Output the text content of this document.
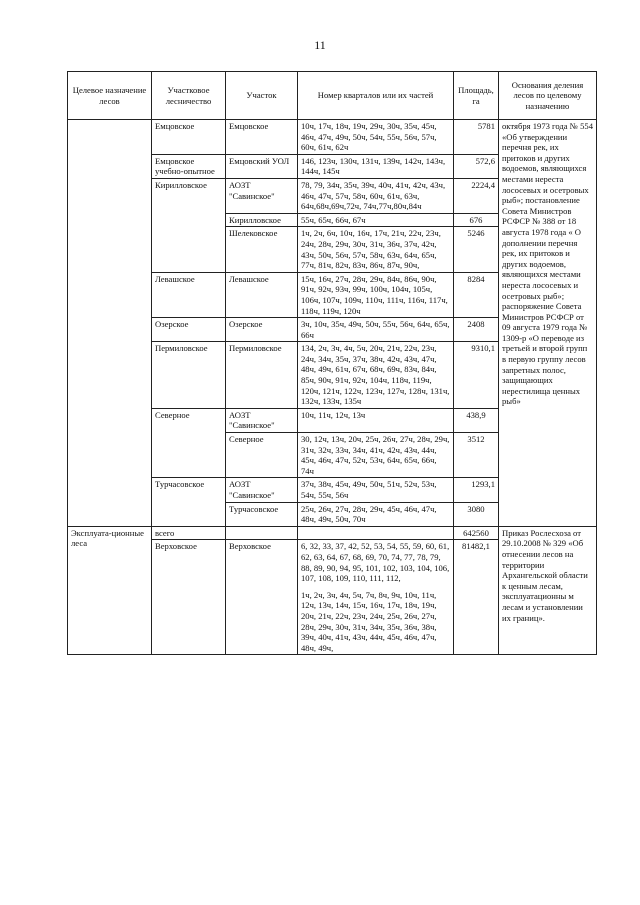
11
Целевое назначение лесов	Участковое лесничество	Участок	Номер кварталов или их частей	Площадь, га	Основания деления лесов по целевому назначению
	Емцовское	Емцовское	10ч, 17ч, 18ч, 19ч, 29ч, 30ч, 35ч, 45ч, 46ч, 47ч, 49ч, 50ч, 54ч, 55ч, 56ч, 57ч, 60ч, 61ч, 62ч	5781	октября 1973 года № 554 «Об утверждении перечня рек, их притоков и других водоемов, являющихся местами нереста лососевых и осетровых рыб»; постановление Совета Министров РСФСР № 388 от 18 августа 1978 года « О дополнении перечня рек, их притоков и других водоемов, являющихся местами нереста лососевых и осетровых рыб»; распоряжение Совета Министров РСФСР от 09 августа 1979 года № 1309-р «О переводе из третьей и второй групп в первую группу лесов запретных полос, защищающих нерестилища ценных рыб»
	Емцовское учебно-опытное	Емцовский УОЛ	146, 123ч, 130ч, 131ч, 139ч, 142ч, 143ч, 144ч, 145ч	572,6	
	Кирилловское	АОЗТ "Савинское"	78, 79, 34ч, 35ч, 39ч, 40ч, 41ч, 42ч, 43ч, 46ч, 47ч, 57ч, 58ч, 60ч, 61ч, 63ч, 64ч,68ч,69ч,72ч, 74ч,77ч,80ч,84ч	2224,4	
		Кирилловское	55ч, 65ч, 66ч, 67ч	676	
		Шелековское	1ч, 2ч, 6ч, 10ч, 16ч, 17ч, 21ч, 22ч, 23ч, 24ч, 28ч, 29ч, 30ч, 31ч, 36ч, 37ч, 42ч, 43ч, 50ч, 56ч, 57ч, 58ч, 63ч, 64ч, 65ч, 77ч, 81ч, 82ч, 83ч, 86ч, 87ч, 90ч,	5246	
	Левашское	Левашское	15ч, 16ч, 27ч, 28ч, 29ч, 84ч, 86ч, 90ч, 91ч, 92ч, 93ч, 99ч, 100ч, 104ч, 105ч, 106ч, 107ч, 109ч, 110ч, 111ч, 116ч, 117ч, 118ч, 119ч, 120ч	8284	
	Озерское	Озерское	3ч, 10ч, 35ч, 49ч, 50ч, 55ч, 56ч, 64ч, 65ч, 66ч	2408	
	Пермиловское	Пермиловское	134, 2ч, 3ч, 4ч, 5ч, 20ч, 21ч, 22ч, 23ч, 24ч, 34ч, 35ч, 37ч, 38ч, 42ч, 43ч, 47ч, 48ч, 49ч, 61ч, 67ч, 68ч, 69ч, 83ч, 84ч, 85ч, 90ч, 91ч, 92ч, 104ч, 118ч, 119ч, 120ч, 121ч, 122ч, 123ч, 127ч, 128ч, 131ч, 132ч, 133ч, 135ч	9310,1	
	Северное	АОЗТ "Савинское"	10ч, 11ч, 12ч, 13ч	438,9	
		Северное	30, 12ч, 13ч, 20ч, 25ч, 26ч, 27ч, 28ч, 29ч, 31ч, 32ч, 33ч, 34ч, 41ч, 42ч, 43ч, 44ч, 45ч, 46ч, 47ч, 52ч, 53ч, 64ч, 65ч, 66ч, 74ч	3512	
	Турчасовское	АОЗТ "Савинское"	37ч, 38ч, 45ч, 49ч, 50ч, 51ч, 52ч, 53ч, 54ч, 55ч, 56ч	1293,1	
		Турчасовское	25ч, 26ч, 27ч, 28ч, 29ч, 45ч, 46ч, 47ч, 48ч, 49ч, 50ч, 70ч	3080	
Эксплуата-ционные леса	всего			642560	Приказ Рослесхоза от 29.10.2008 № 329 «Об отнесении лесов на территории Архангельской области к ценным лесам, эксплуатационны м лесам и установлении их границ».
	Верховское	Верховское	6, 32, 33, 37, 42, 52, 53, 54, 55, 59, 60, 61, 62, 63, 64, 67, 68, 69, 70, 74, 77, 78, 79, 88, 89, 90, 94, 95, 101, 102, 103, 104, 106, 107, 108, 109, 110, 111, 112,
1ч, 2ч, 3ч, 4ч, 5ч, 7ч, 8ч, 9ч, 10ч, 11ч, 12ч, 13ч, 14ч, 15ч, 16ч, 17ч, 18ч, 19ч, 20ч, 21ч, 22ч, 23ч, 24ч, 25ч, 26ч, 27ч, 28ч, 29ч, 30ч, 31ч, 34ч, 35ч, 36ч, 38ч, 39ч, 40ч, 41ч, 43ч, 44ч, 45ч, 46ч, 47ч, 48ч, 49ч,	81482,1	
